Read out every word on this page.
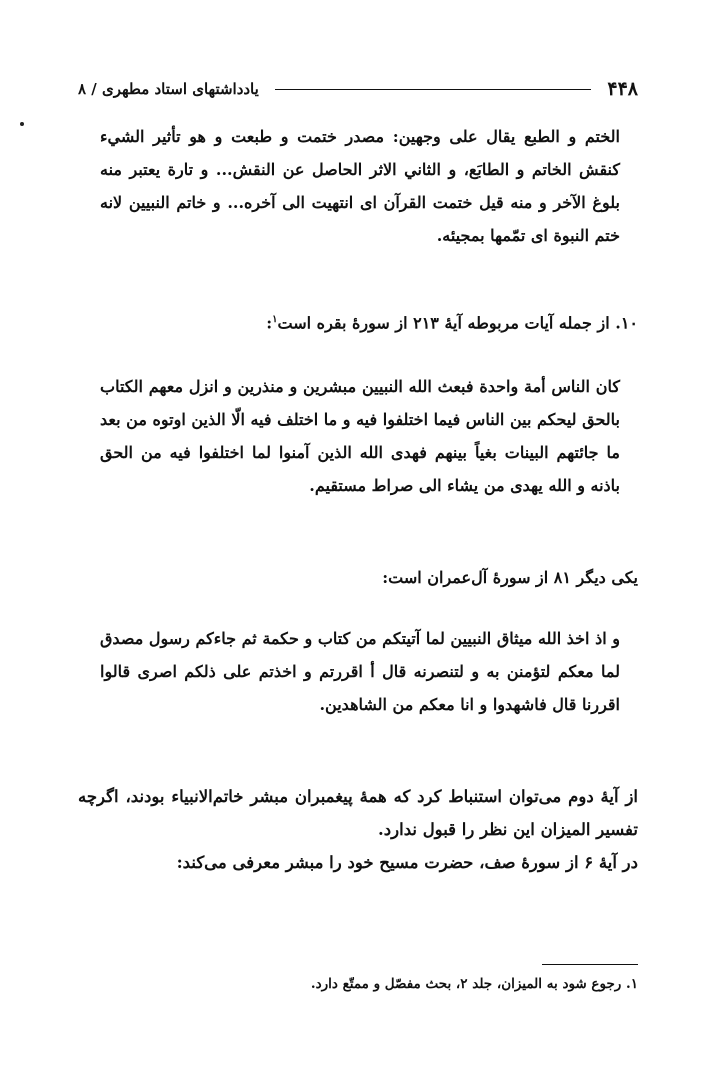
۴۴۸
یادداشتهای استاد مطهری / ۸

الختم و الطبع يقال على وجهين: مصدر ختمت و طبعت و هو تأثير الشيء كنقش الخاتم و الطابَع، و الثاني الاثر الحاصل عن النقش... و تارة يعتبر منه بلوغ الآخر و منه قيل ختمت القرآن اى انتهيت الى آخره... و خاتم النبيين لانه ختم النبوة اى تمّمها بمجيئه.

۱۰. از جمله آیات مربوطه آیهٔ ۲۱۳ از سورهٔ بقره است$^۱$:

كان الناس أمة واحدة فبعث الله النبيين مبشرين و منذرين و انزل معهم الكتاب بالحق ليحكم بين الناس فيما اختلفوا فيه و ما اختلف فيه الّا الذين اوتوه من بعد ما جائتهم البينات بغياً بينهم فهدى الله الذين آمنوا لما اختلفوا فيه من الحق باذنه و الله يهدى من يشاء الى صراط مستقيم.

یکی دیگر ۸۱ از سورهٔ آل‌عمران است:

و اذ اخذ الله ميثاق النبيين لما آتيتكم من كتاب و حكمة ثم جاءكم رسول مصدق لما معكم لتؤمنن به و لتنصرنه قال أ اقررتم و اخذتم على ذلكم اصرى قالوا اقررنا قال فاشهدوا و انا معكم من الشاهدين.

از آیهٔ دوم می‌توان استنباط کرد که همهٔ پیغمبران مبشر خاتم‌الانبیاء بودند، اگرچه تفسیر المیزان این نظر را قبول ندارد.

در آیهٔ ۶ از سورهٔ صف، حضرت مسیح خود را مبشر معرفی می‌کند:

۱. رجوع شود به المیزان، جلد ۲، بحث مفصّل و ممتّع دارد.
